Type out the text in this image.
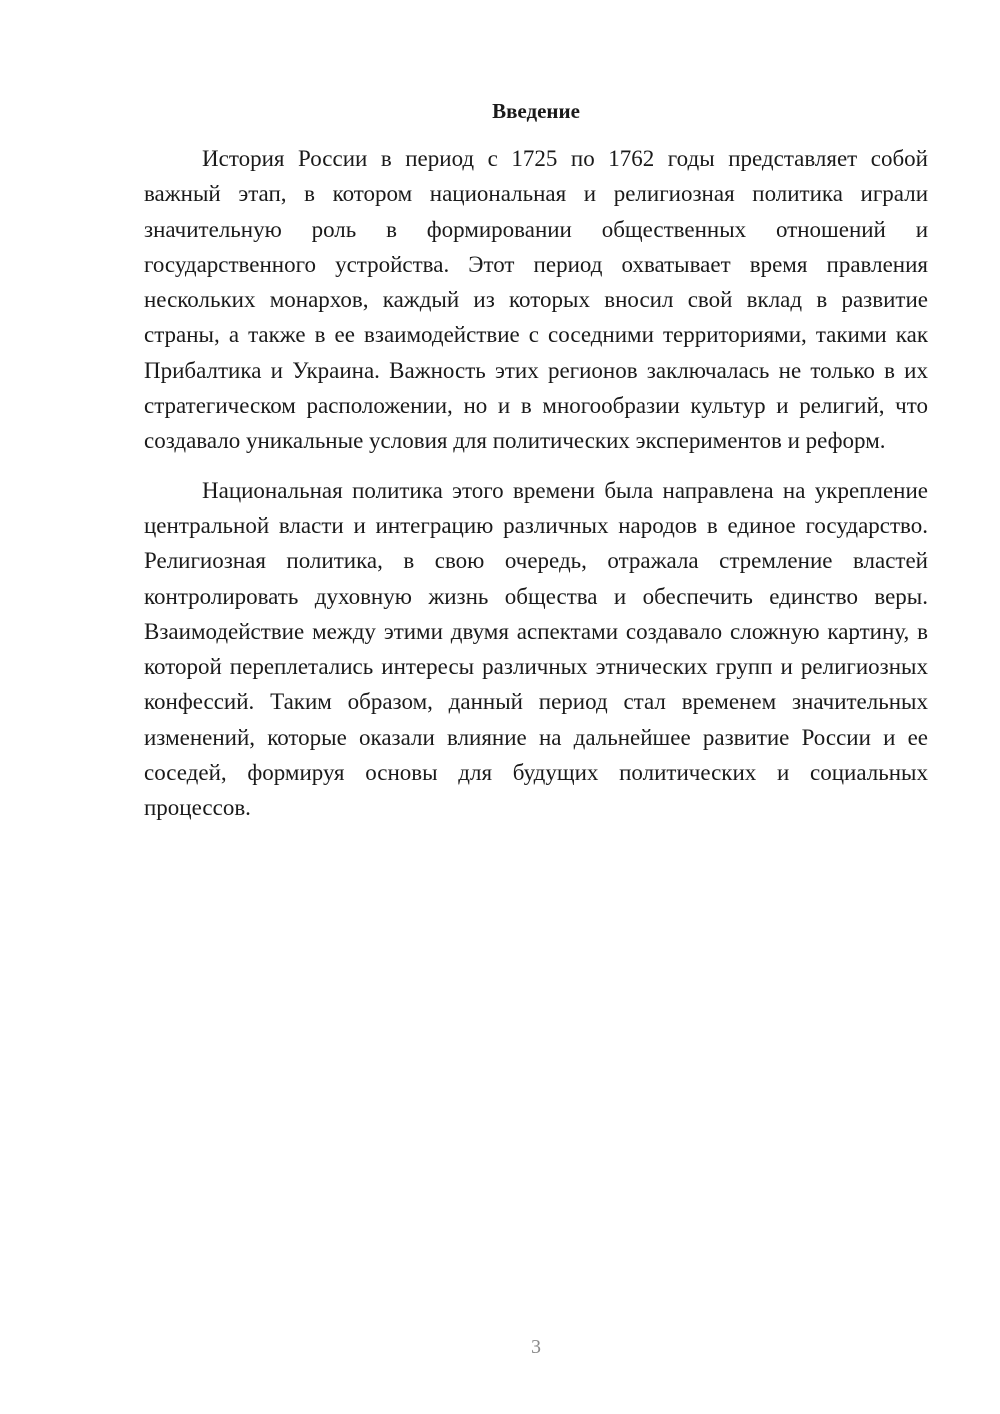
Введение

История России в период с 1725 по 1762 годы представляет собой важный этап, в котором национальная и религиозная политика играли значительную роль в формировании общественных отношений и государственного устройства. Этот период охватывает время правления нескольких монархов, каждый из которых вносил свой вклад в развитие страны, а также в ее взаимодействие с соседними территориями, такими как Прибалтика и Украина. Важность этих регионов заключалась не только в их стратегическом расположении, но и в многообразии культур и религий, что создавало уникальные условия для политических экспериментов и реформ.

Национальная политика этого времени была направлена на укрепление центральной власти и интеграцию различных народов в единое государство. Религиозная политика, в свою очередь, отражала стремление властей контролировать духовную жизнь общества и обеспечить единство веры. Взаимодействие между этими двумя аспектами создавало сложную картину, в которой переплетались интересы различных этнических групп и религиозных конфессий. Таким образом, данный период стал временем значительных изменений, которые оказали влияние на дальнейшее развитие России и ее соседей, формируя основы для будущих политических и социальных процессов.

3
